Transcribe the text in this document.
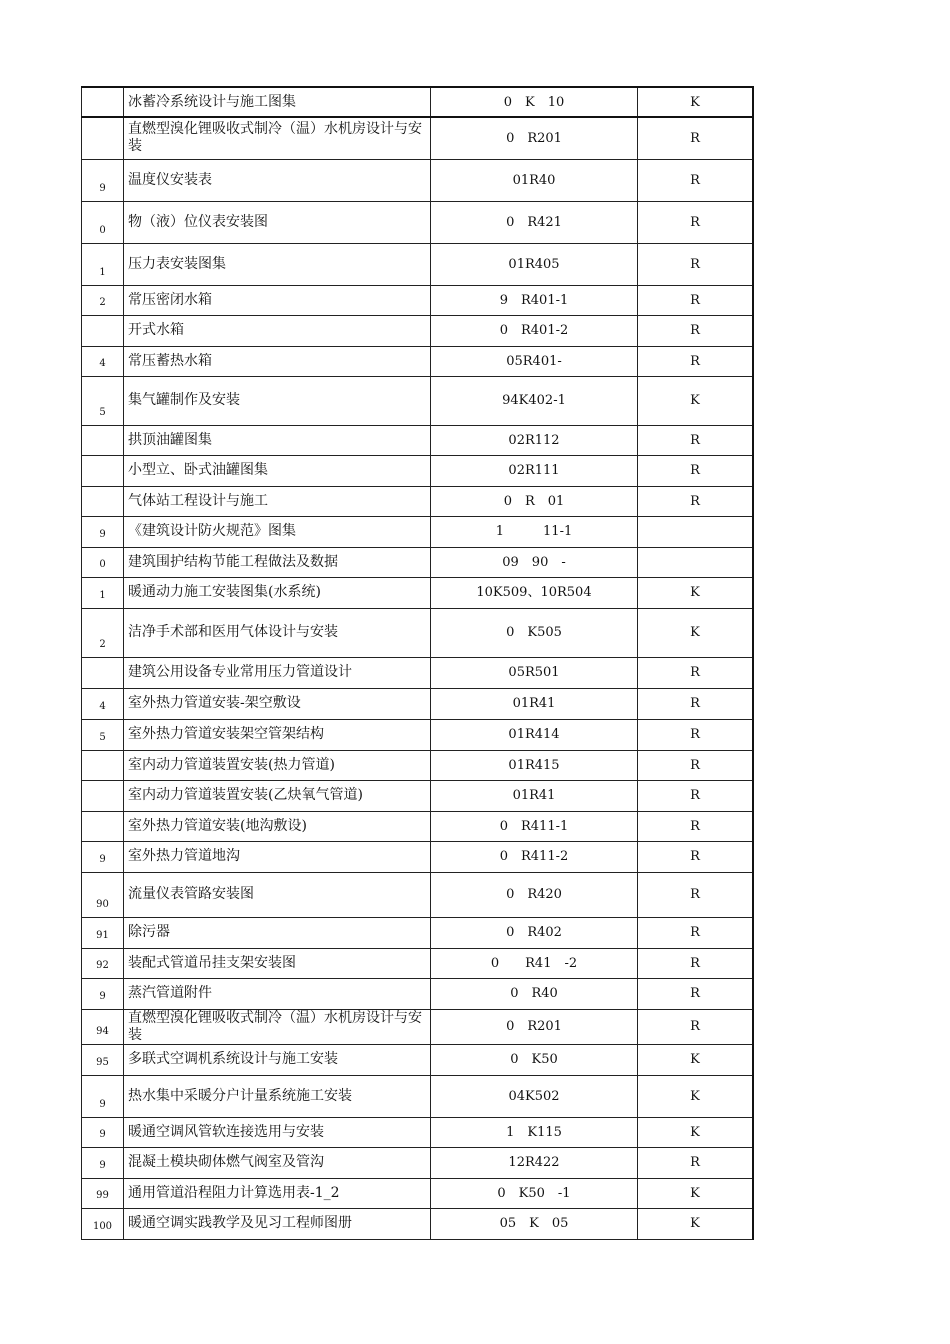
	冰蓄冷系统设计与施工图集	0　K　10	K
	直燃型溴化锂吸收式制冷（温）水机房设计与安装	0　R201	R
9	温度仪安装表	01R40	R
0	物（液）位仪表安装图	0　R421	R
1	压力表安装图集	01R405	R
2	常压密闭水箱	9　R401-1	R
	开式水箱	0　R401-2	R
4	常压蓄热水箱	05R401-	R
5	集气罐制作及安装	94K402-1	K
	拱顶油罐图集	02R112	R
	小型立、卧式油罐图集	02R111	R
	气体站工程设计与施工	0　R　01	R
9	《建筑设计防火规范》图集	1　　　11-1	
0	建筑围护结构节能工程做法及数据	09　90　-	
1	暖通动力施工安装图集(水系统)	10K509、10R504	K
2	洁净手术部和医用气体设计与安装	0　K505	K
	建筑公用设备专业常用压力管道设计	05R501	R
4	室外热力管道安装-架空敷设	01R41	R
5	室外热力管道安装架空管架结构	01R414	R
	室内动力管道装置安装(热力管道)	01R415	R
	室内动力管道装置安装(乙炔氧气管道)	01R41	R
	室外热力管道安装(地沟敷设)	0　R411-1	R
9	室外热力管道地沟	0　R411-2	R
90	流量仪表管路安装图	0　R420	R
91	除污器	0　R402	R
92	装配式管道吊挂支架安装图	0　　R41　-2	R
9	蒸汽管道附件	0　R40	R
94	直燃型溴化锂吸收式制冷（温）水机房设计与安装	0　R201	R
95	多联式空调机系统设计与施工安装	0　K50	K
9	热水集中采暖分户计量系统施工安装	04K502	K
9	暖通空调风管软连接选用与安装	1　K115	K
9	混凝土模块砌体燃气阀室及管沟	12R422	R
99	通用管道沿程阻力计算选用表-1_2	0　K50　-1	K
100	暖通空调实践教学及见习工程师图册	05　K　05	K
